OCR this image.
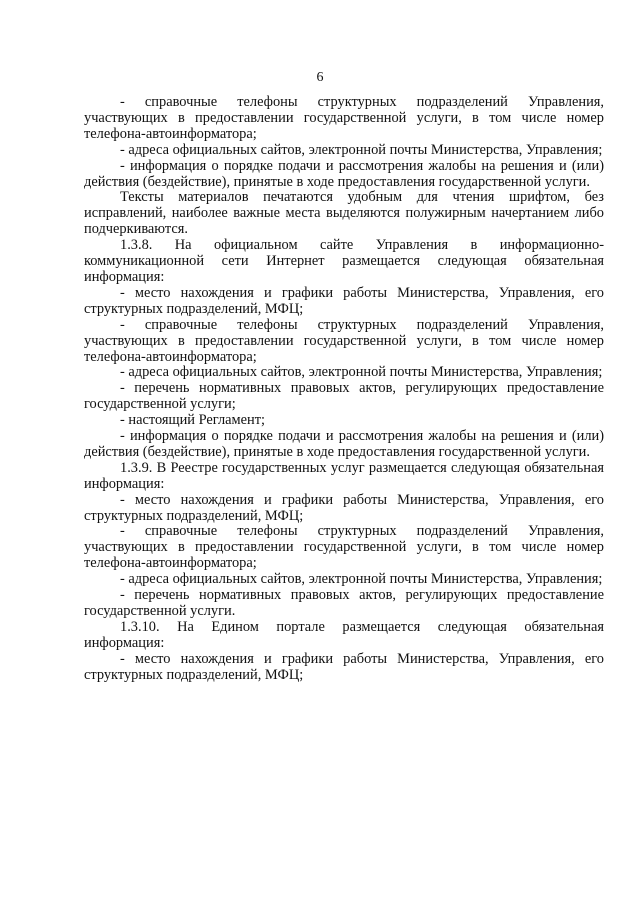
6

- справочные телефоны структурных подразделений Управления, участвующих в предоставлении государственной услуги, в том числе номер телефона-автоинформатора;

- адреса официальных сайтов, электронной почты Министерства, Управления;

- информация о порядке подачи и рассмотрения жалобы на решения и (или) действия (бездействие), принятые в ходе предоставления государственной услуги.

Тексты материалов печатаются удобным для чтения шрифтом, без исправлений, наиболее важные места выделяются полужирным начертанием либо подчеркиваются.

1.3.8. На официальном сайте Управления в информационно-коммуникационной сети Интернет размещается следующая обязательная информация:

- место нахождения и графики работы Министерства, Управления, его структурных подразделений, МФЦ;

- справочные телефоны структурных подразделений Управления, участвующих в предоставлении государственной услуги, в том числе номер телефона-автоинформатора;

- адреса официальных сайтов, электронной почты Министерства, Управления;

- перечень нормативных правовых актов, регулирующих предоставление государственной услуги;

- настоящий Регламент;

- информация о порядке подачи и рассмотрения жалобы на решения и (или) действия (бездействие), принятые в ходе предоставления государственной услуги.

1.3.9. В Реестре государственных услуг размещается следующая обязательная информация:

- место нахождения и графики работы Министерства, Управления, его структурных подразделений, МФЦ;

- справочные телефоны структурных подразделений Управления, участвующих в предоставлении государственной услуги, в том числе номер телефона-автоинформатора;

- адреса официальных сайтов, электронной почты Министерства, Управления;

- перечень нормативных правовых актов, регулирующих предоставление государственной услуги.

1.3.10. На Едином портале размещается следующая обязательная информация:

- место нахождения и графики работы Министерства, Управления, его структурных подразделений, МФЦ;
